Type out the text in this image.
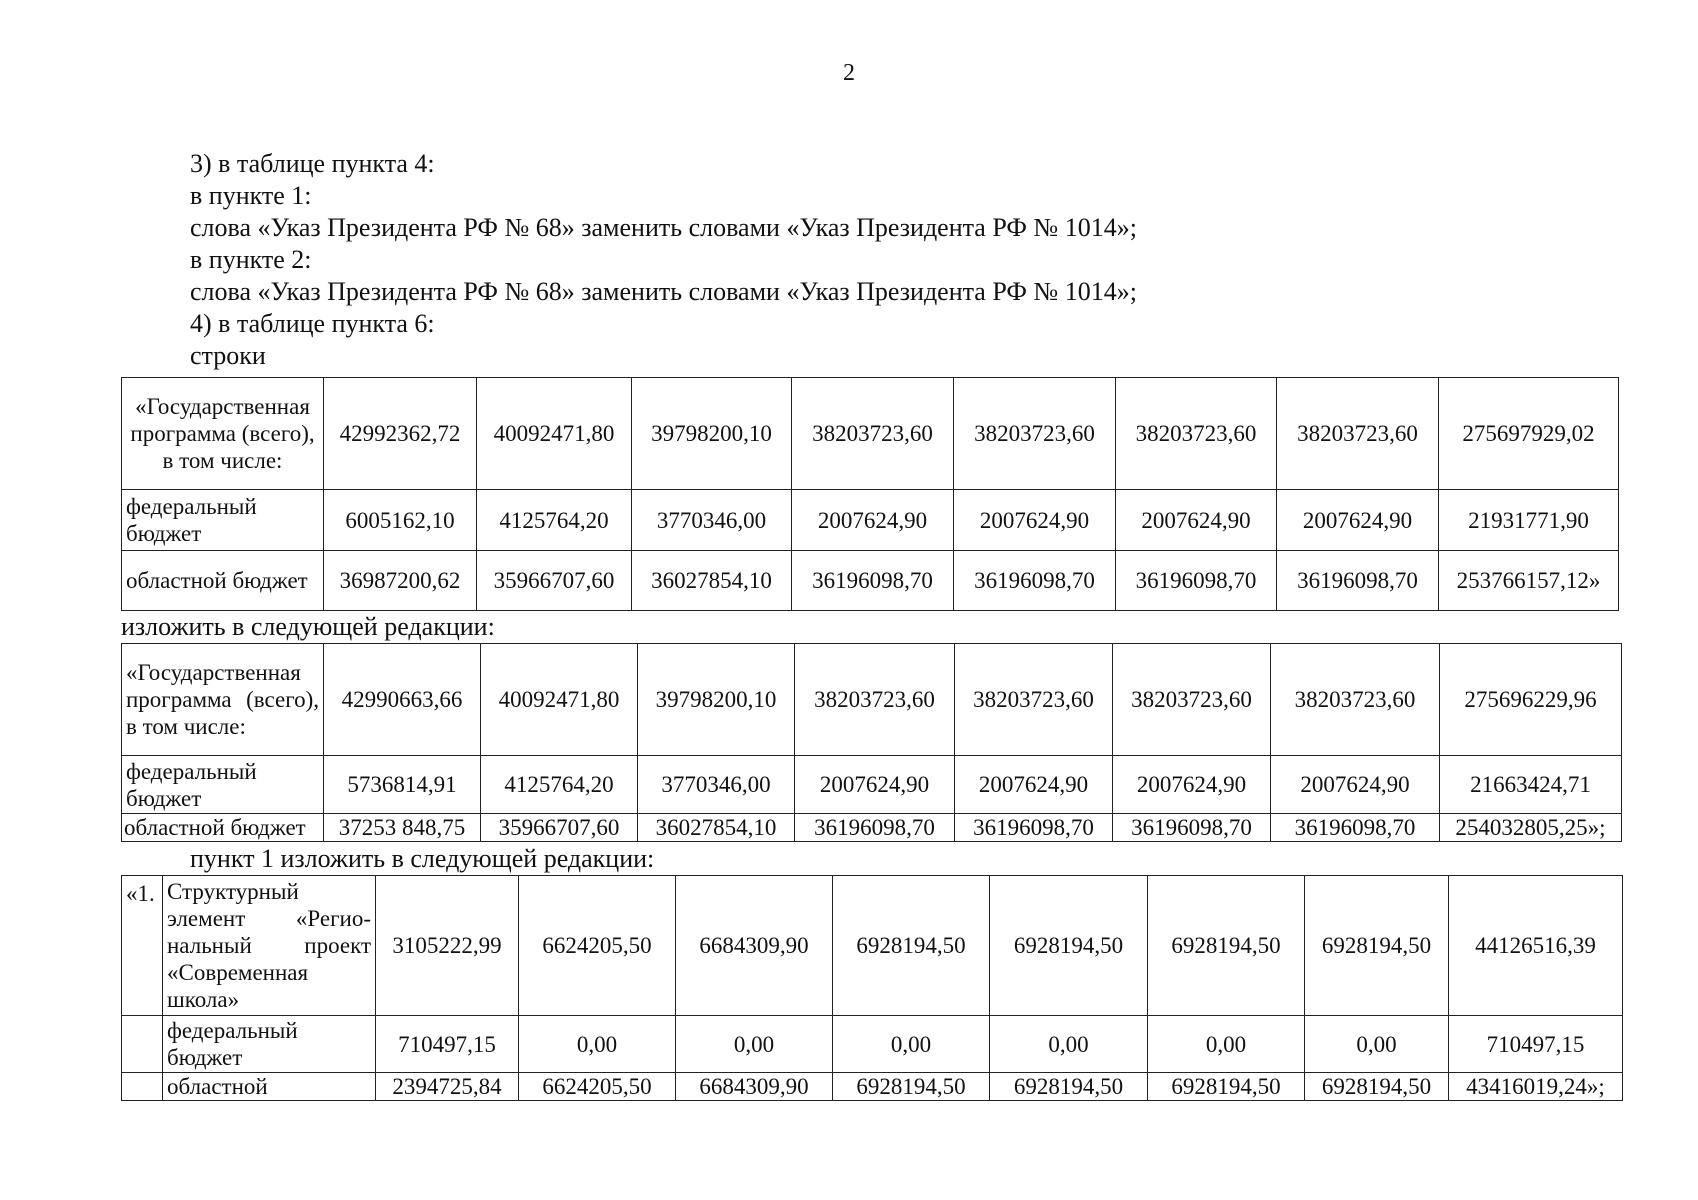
2
3) в таблице пункта 4:
в пункте 1:
слова «Указ Президента РФ № 68» заменить словами «Указ Президента РФ № 1014»;
в пункте 2:
слова «Указ Президента РФ № 68» заменить словами «Указ Президента РФ № 1014»;
4) в таблице пункта 6:
строки
«Государственная программа (всего), в том числе:	42992362,72	40092471,80	39798200,10	38203723,60	38203723,60	38203723,60	38203723,60	275697929,02
федеральный бюджет	6005162,10	4125764,20	3770346,00	2007624,90	2007624,90	2007624,90	2007624,90	21931771,90
областной бюджет	36987200,62	35966707,60	36027854,10	36196098,70	36196098,70	36196098,70	36196098,70	253766157,12»
изложить в следующей редакции:
«Государственная программа (всего), в том числе:	42990663,66	40092471,80	39798200,10	38203723,60	38203723,60	38203723,60	38203723,60	275696229,96
федеральный бюджет	5736814,91	4125764,20	3770346,00	2007624,90	2007624,90	2007624,90	2007624,90	21663424,71
областной бюджет	37253 848,75	35966707,60	36027854,10	36196098,70	36196098,70	36196098,70	36196098,70	254032805,25»;
пункт 1 изложить в следующей редакции:
«1.	Структурный элемент «Регио-нальный проект «Современная школа»	3105222,99	6624205,50	6684309,90	6928194,50	6928194,50	6928194,50	6928194,50	44126516,39
	федеральный бюджет	710497,15	0,00	0,00	0,00	0,00	0,00	0,00	710497,15
	областной	2394725,84	6624205,50	6684309,90	6928194,50	6928194,50	6928194,50	6928194,50	43416019,24»;
